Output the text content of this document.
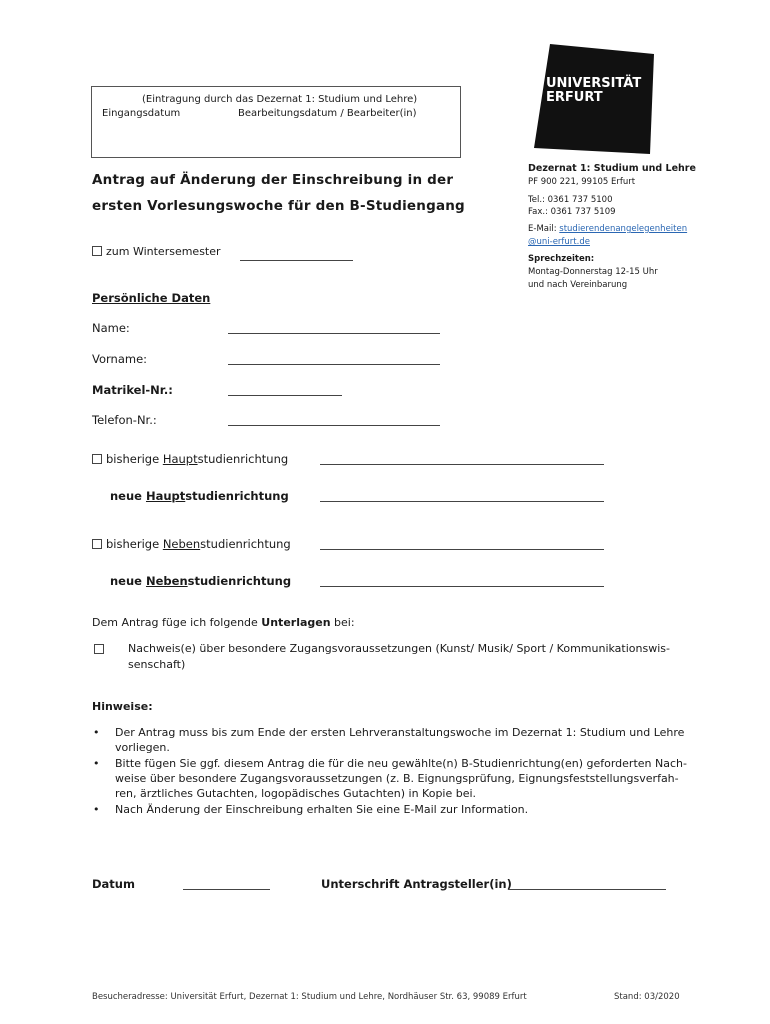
(Eintragung durch das Dezernat 1: Studium und Lehre)
Eingangsdatum	Bearbeitungsdatum / Bearbeiter(in)
UNIVERSITÄT
ERFURT
Antrag auf Änderung der Einschreibung in der
ersten Vorlesungswoche für den B-Studiengang
Dezernat 1: Studium und Lehre
PF 900 221, 99105 Erfurt
Tel.: 0361 737 5100
Fax.: 0361 737 5109
E-Mail: studierendenangelegenheiten
@uni-erfurt.de
Sprechzeiten:
Montag-Donnerstag 12-15 Uhr
und nach Vereinbarung
zum Wintersemester
Persönliche Daten
Name:
Vorname:
Matrikel-Nr.:
Telefon-Nr.:
bisherige Hauptstudienrichtung
neue Hauptstudienrichtung
bisherige Nebenstudienrichtung
neue Nebenstudienrichtung
Dem Antrag füge ich folgende Unterlagen bei:
Nachweis(e) über besondere Zugangsvoraussetzungen (Kunst/ Musik/ Sport / Kommunikationswis-
senschaft)
Hinweise:
• Der Antrag muss bis zum Ende der ersten Lehrveranstaltungswoche im Dezernat 1: Studium und Lehre vorliegen.
• Bitte fügen Sie ggf. diesem Antrag die für die neu gewählte(n) B-Studienrichtung(en) geforderten Nach-weise über besondere Zugangsvoraussetzungen (z. B. Eignungsprüfung, Eignungsfeststellungsverfah-ren, ärztliches Gutachten, logopädisches Gutachten) in Kopie bei.
• Nach Änderung der Einschreibung erhalten Sie eine E-Mail zur Information.
Datum	Unterschrift Antragsteller(in)
Besucheradresse: Universität Erfurt, Dezernat 1: Studium und Lehre, Nordhäuser Str. 63, 99089 Erfurt	Stand: 03/2020
